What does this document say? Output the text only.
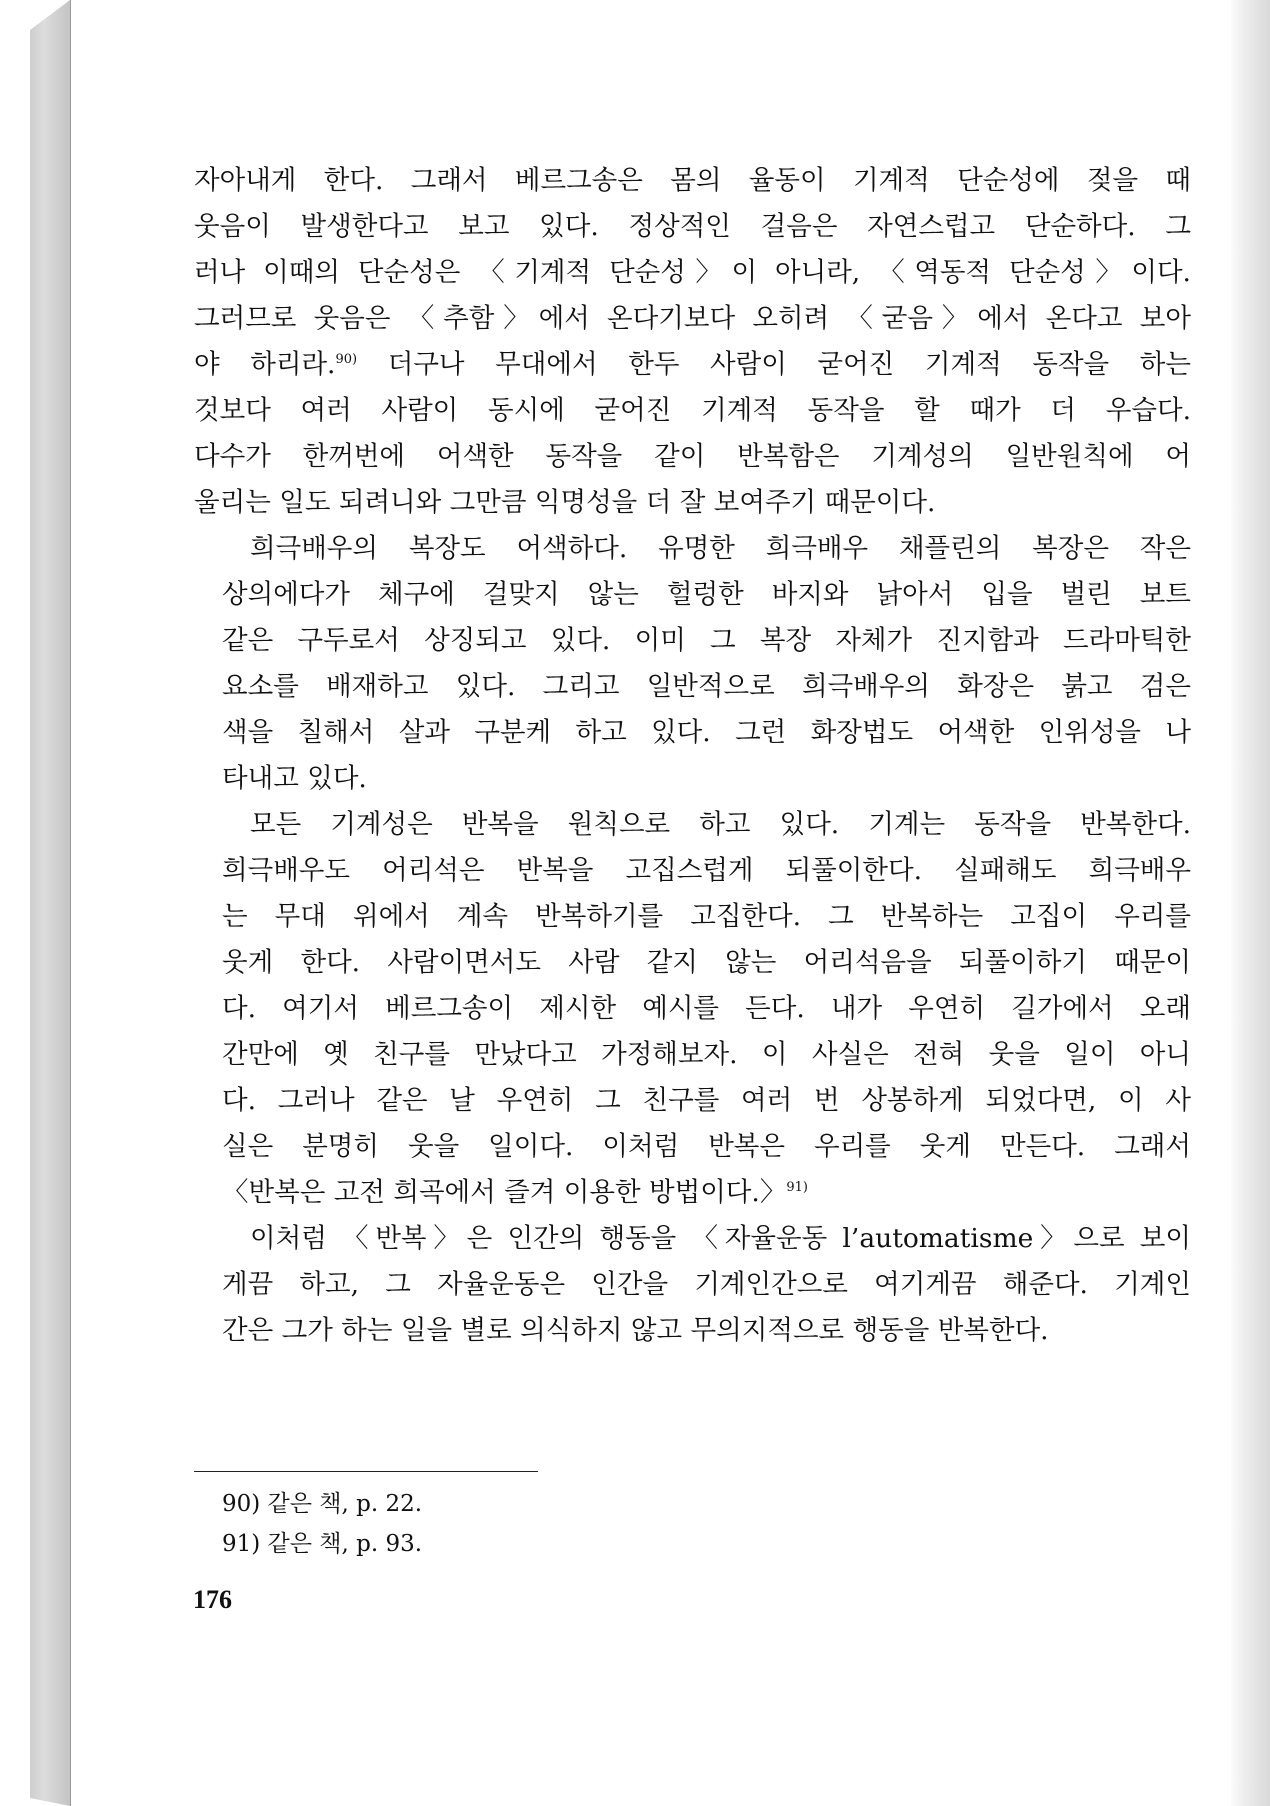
자아내게 한다. 그래서 베르그송은 몸의 율동이 기계적 단순성에 젖을 때
웃음이 발생한다고 보고 있다. 정상적인 걸음은 자연스럽고 단순하다. 그
러나 이때의 단순성은 〈기계적 단순성〉이 아니라, 〈역동적 단순성〉이다.
그러므로 웃음은 〈추함〉에서 온다기보다 오히려 〈굳음〉에서 온다고 보아
야 하리라.$^{90)}$ 더구나 무대에서 한두 사람이 굳어진 기계적 동작을 하는
것보다 여러 사람이 동시에 굳어진 기계적 동작을 할 때가 더 우습다.
다수가 한꺼번에 어색한 동작을 같이 반복함은 기계성의 일반원칙에 어
울리는 일도 되려니와 그만큼 익명성을 더 잘 보여주기 때문이다.
희극배우의 복장도 어색하다. 유명한 희극배우 채플린의 복장은 작은
상의에다가 체구에 걸맞지 않는 헐렁한 바지와 낡아서 입을 벌린 보트
같은 구두로서 상징되고 있다. 이미 그 복장 자체가 진지함과 드라마틱한
요소를 배재하고 있다. 그리고 일반적으로 희극배우의 화장은 붉고 검은
색을 칠해서 살과 구분케 하고 있다. 그런 화장법도 어색한 인위성을 나
타내고 있다.
모든 기계성은 반복을 원칙으로 하고 있다. 기계는 동작을 반복한다.
희극배우도 어리석은 반복을 고집스럽게 되풀이한다. 실패해도 희극배우
는 무대 위에서 계속 반복하기를 고집한다. 그 반복하는 고집이 우리를
웃게 한다. 사람이면서도 사람 같지 않는 어리석음을 되풀이하기 때문이
다. 여기서 베르그송이 제시한 예시를 든다. 내가 우연히 길가에서 오래
간만에 옛 친구를 만났다고 가정해보자. 이 사실은 전혀 웃을 일이 아니
다. 그러나 같은 날 우연히 그 친구를 여러 번 상봉하게 되었다면, 이 사
실은 분명히 웃을 일이다. 이처럼 반복은 우리를 웃게 만든다. 그래서
〈반복은 고전 희곡에서 즐겨 이용한 방법이다.〉$^{91)}$
이처럼 〈반복〉은 인간의 행동을 〈자율운동 l’automatisme〉으로 보이
게끔 하고, 그 자율운동은 인간을 기계인간으로 여기게끔 해준다. 기계인
간은 그가 하는 일을 별로 의식하지 않고 무의지적으로 행동을 반복한다.
90) 같은 책, p. 22.
91) 같은 책, p. 93.
176
